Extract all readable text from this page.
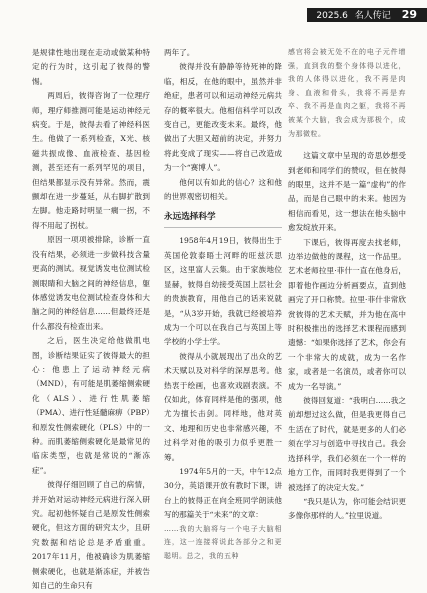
2025.6 名人传记 29

是规律性地出现在走动或做某种特定的行为时，这引起了彼得的警惕。

两周后，彼得咨询了一位理疗师，理疗师推测可能是运动神经元病变。于是，彼得去看了神经科医生。他做了一系列检查，X光、核磁共振成像、血液检查、基因检测，甚至还有一系列罕见的项目，但结果都显示没有异常。然而，震颤却在进一步蔓延，从右脚扩散到左脚。他走路时明显一瘸一拐，不得不用起了拐杖。

原因一项项被排除，诊断一直没有结果，必须进一步做科技含量更高的测试。视觉诱发电位测试检测眼睛和大脑之间的神经信息，躯体感觉诱发电位测试检查身体和大脑之间的神经信息……但最终还是什么都没有检查出来。

之后，医生决定给他做肌电图，诊断结果证实了彼得最大的担心：他患上了运动神经元病（MND），有可能是肌萎缩侧索硬化（ALS）、进行性肌萎缩（PMA）、进行性延髓麻痹（PBP）和原发性侧索硬化（PLS）中的一种。而肌萎缩侧索硬化是最常见的临床类型，也就是常说的“渐冻症”。

彼得仔细回顾了自己的病情，并开始对运动神经元病进行深入研究。起初他怀疑自己是原发性侧索硬化，但这方面的研究太少，且研究数据和结论总是矛盾重重。2017年11月，他被确诊为肌萎缩侧索硬化，也就是渐冻症，并被告知自己的生命只有

两年了。

彼得并没有静静等待死神的降临，相反，在他的眼中，虽然并非绝症，患者可以和运动神经元病共存的概率很大。他相信科学可以改变自己，更能改变未来。最终，他做出了大胆又超前的决定，并努力将此变成了现实——将自己改造成为一个“赛博人”。

他何以有如此的信心？这和他的世界观密切相关。

永远选择科学

1958年4月19日，彼得出生于英国伦敦泰晤士河畔的旺兹沃思区，这里富人云集。由于家族地位显赫，彼得自幼接受英国上层社会的贵族教育，用他自己的话来说就是，“从3岁开始，我就已经被培养成为一个可以在我自己与英国上等学校的小学士学。

彼得从小就展现出了出众的艺术天赋以及对科学的深厚思考。他热衷于绘画，也喜欢戏剧表演。不仅如此，体育同样是他的强项，他尤为擅长击剑。同样地，他对英文、地理和历史也非常感兴趣，不过科学对他的吸引力似乎更胜一筹。

1974年5月的一天，中午12点30分，英语课开放有教时下课，讲台上的彼得正在向全班同学朗读他写的那篇关于“未来”的文章：

……我的大脑将与一个电子大脑相连，这一连接将说此各部分之和更聪明。总之，我的五种

感官将会被无处不在的电子元件增强，直到我的整个身体得以进化，我的人体得以进化，我不再是肉身、血液和骨头，我将不再是弃卒、我不再是血肉之躯，我将不再被某个大脑，我会成为那极个，成为那微粒。

这篇文章中呈现的奇思妙想受到老师和同学们的赞叹，但在彼得的眼里，这并不是一篇“虚构”的作品，而是自己眼中的未来。他因为相信而看见，这一想法在他头脑中愈发绽放开来。

下课后，彼得再度去找老师，边举边做他的课程，这一作品里。艺术老师拉里·菲什一直在他身后，即着他作画边分析画要点，直到他画完了开口称赞。拉里·菲什非常欣赏彼得的艺术天赋，并为他在高中时积极推出的选择艺术课程而感到遗憾：“如果你选择了艺术，你会有一个非常大的成就，成为一名作家，或者是一名演员，或者你可以成为一名导演。”

彼得回复道：“我明白……我之前却想过这么做，但是我更得自己生活在了时代，就是更多的人们必须在学习与创造中寻找自己。我会选择科学，我们必须在一个一样的地方工作，而同时我更得到了一个被选择了的决定大发。”

“我只是认为，你可能会结识更多像你那样的人。”拉里说道。
